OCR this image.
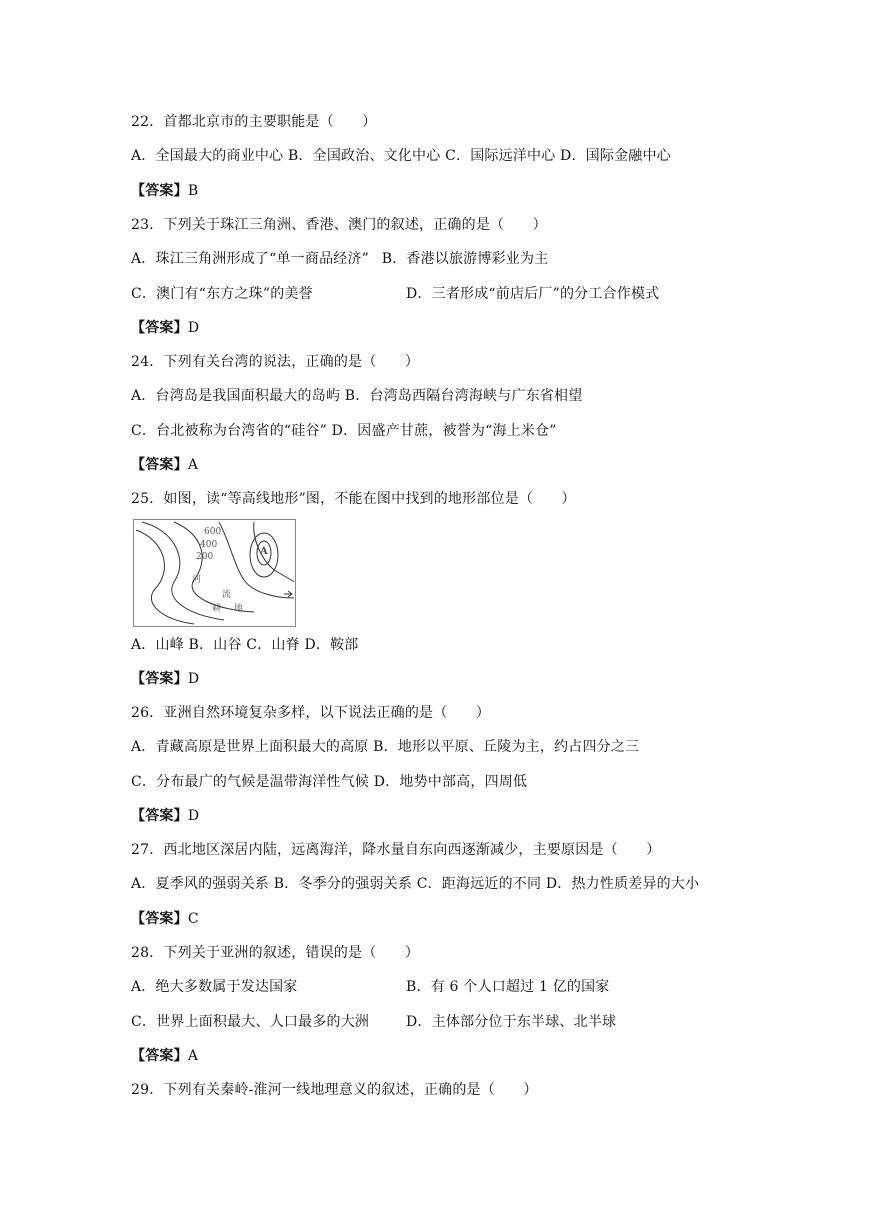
22．首都北京市的主要职能是（　　）
A．全国最大的商业中心 B．全国政治、文化中心 C．国际远洋中心 D．国际金融中心
【答案】B
23．下列关于珠江三角洲、香港、澳门的叙述，正确的是（　　）
A．珠江三角洲形成了“单一商品经济” B．香港以旅游博彩业为主
C．澳门有“东方之珠”的美誉	D．三者形成“前店后厂”的分工合作模式
【答案】D
24．下列有关台湾的说法，正确的是（　　）
A．台湾岛是我国面积最大的岛屿 B．台湾岛西隔台湾海峡与广东省相望
C．台北被称为台湾省的“硅谷” D．因盛产甘蔗，被誉为“海上米仓”
【答案】A
25．如图，读“等高线地形”图，不能在图中找到的地形部位是（　　）
600
400
200	A
河
流
耕 地
A．山峰 B．山谷 C．山脊 D．鞍部
【答案】D
26．亚洲自然环境复杂多样，以下说法正确的是（　　）
A．青藏高原是世界上面积最大的高原 B．地形以平原、丘陵为主，约占四分之三
C．分布最广的气候是温带海洋性气候 D．地势中部高，四周低
【答案】D
27．西北地区深居内陆，远离海洋，降水量自东向西逐渐减少，主要原因是（　　）
A．夏季风的强弱关系 B．冬季分的强弱关系 C．距海远近的不同 D．热力性质差异的大小
【答案】C
28．下列关于亚洲的叙述，错误的是（　　）
A．绝大多数属于发达国家	B．有 6 个人口超过 1 亿的国家
C．世界上面积最大、人口最多的大洲	D．主体部分位于东半球、北半球
【答案】A
29．下列有关秦岭-淮河一线地理意义的叙述，正确的是（　　）
